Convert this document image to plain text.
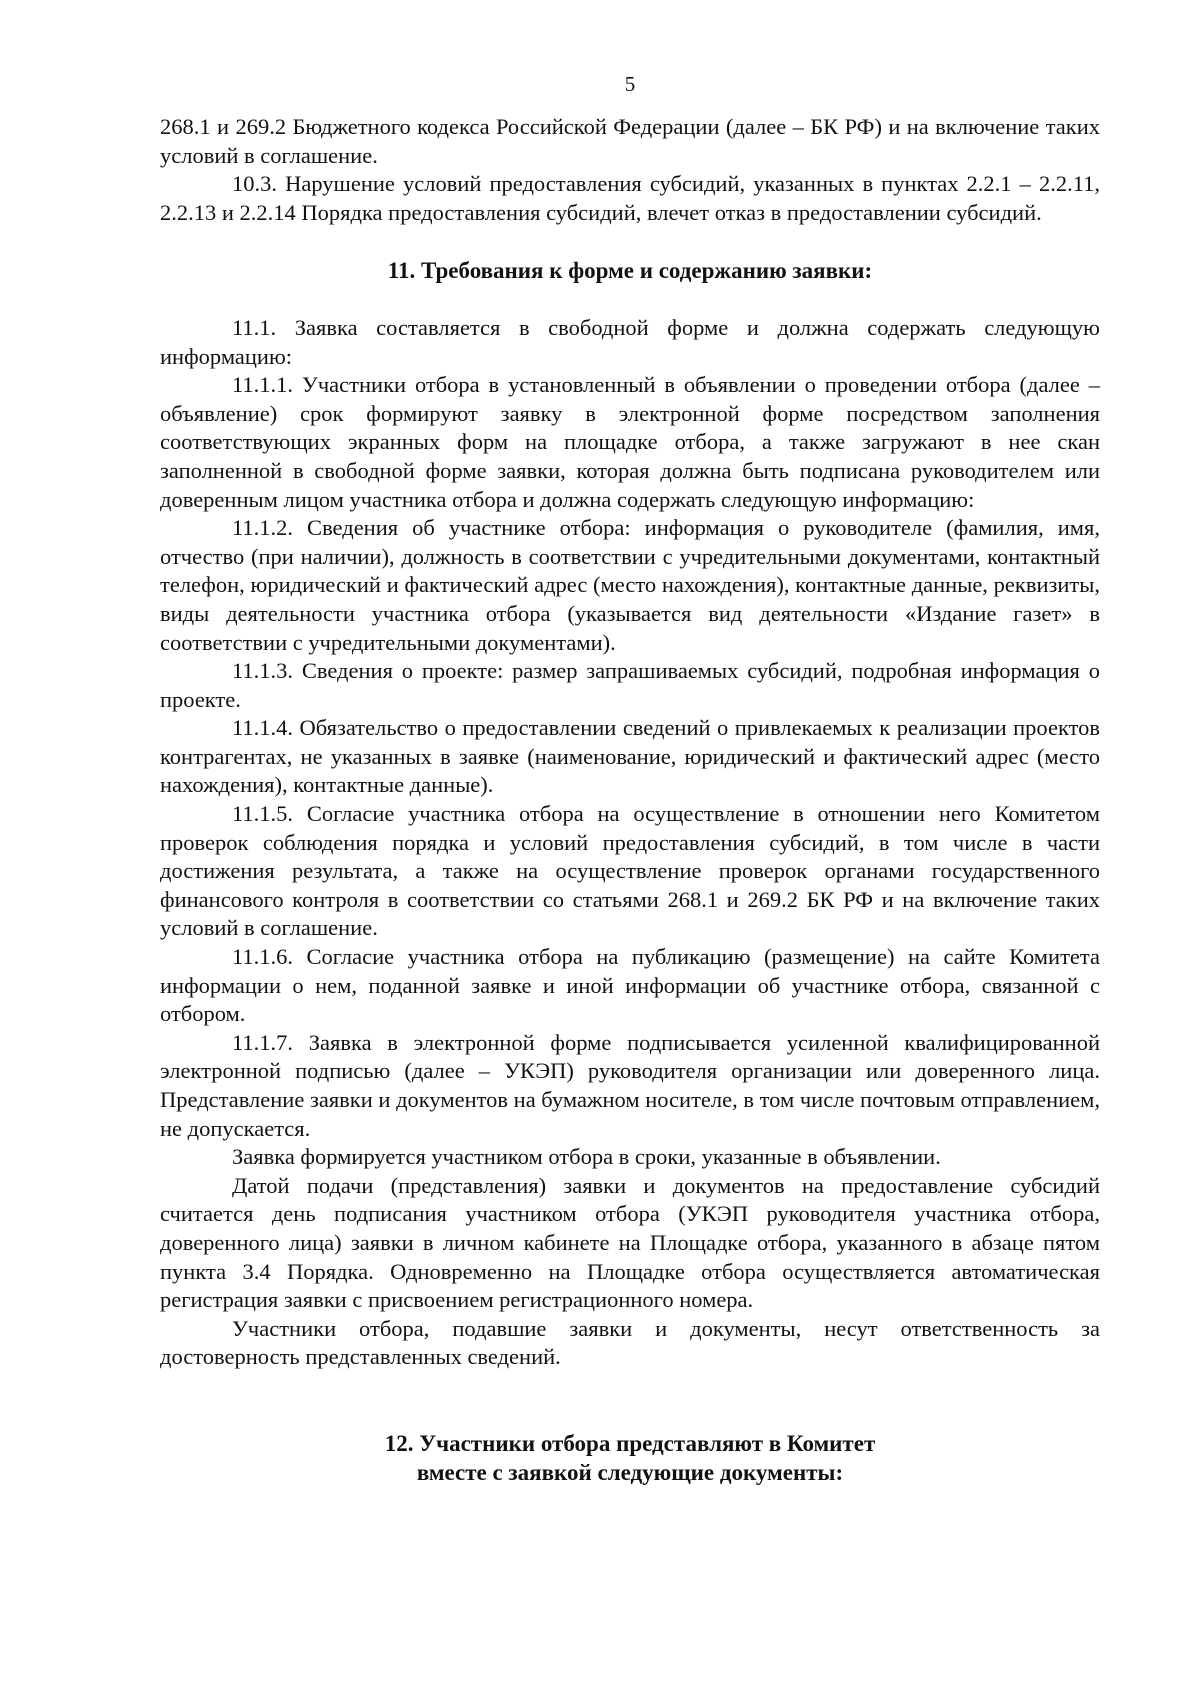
5

268.1 и 269.2 Бюджетного кодекса Российской Федерации (далее – БК РФ) и на включение таких условий в соглашение.

10.3. Нарушение условий предоставления субсидий, указанных в пунктах 2.2.1 – 2.2.11, 2.2.13 и 2.2.14 Порядка предоставления субсидий, влечет отказ в предоставлении субсидий.

11. Требования к форме и содержанию заявки:

11.1. Заявка составляется в свободной форме и должна содержать следующую информацию:

11.1.1. Участники отбора в установленный в объявлении о проведении отбора (далее – объявление) срок формируют заявку в электронной форме посредством заполнения соответствующих экранных форм на площадке отбора, а также загружают в нее скан заполненной в свободной форме заявки, которая должна быть подписана руководителем или доверенным лицом участника отбора и должна содержать следующую информацию:

11.1.2. Сведения об участнике отбора: информация о руководителе (фамилия, имя, отчество (при наличии), должность в соответствии с учредительными документами, контактный телефон, юридический и фактический адрес (место нахождения), контактные данные, реквизиты, виды деятельности участника отбора (указывается вид деятельности «Издание газет» в соответствии с учредительными документами).

11.1.3. Сведения о проекте: размер запрашиваемых субсидий, подробная информация о проекте.

11.1.4. Обязательство о предоставлении сведений о привлекаемых к реализации проектов контрагентах, не указанных в заявке (наименование, юридический и фактический адрес (место нахождения), контактные данные).

11.1.5. Согласие участника отбора на осуществление в отношении него Комитетом проверок соблюдения порядка и условий предоставления субсидий, в том числе в части достижения результата, а также на осуществление проверок органами государственного финансового контроля в соответствии со статьями 268.1 и 269.2 БК РФ и на включение таких условий в соглашение.

11.1.6. Согласие участника отбора на публикацию (размещение) на сайте Комитета информации о нем, поданной заявке и иной информации об участнике отбора, связанной с отбором.

11.1.7. Заявка в электронной форме подписывается усиленной квалифицированной электронной подписью (далее – УКЭП) руководителя организации или доверенного лица. Представление заявки и документов на бумажном носителе, в том числе почтовым отправлением, не допускается.

Заявка формируется участником отбора в сроки, указанные в объявлении.

Датой подачи (представления) заявки и документов на предоставление субсидий считается день подписания участником отбора (УКЭП руководителя участника отбора, доверенного лица) заявки в личном кабинете на Площадке отбора, указанного в абзаце пятом пункта 3.4 Порядка. Одновременно на Площадке отбора осуществляется автоматическая регистрация заявки с присвоением регистрационного номера.

Участники отбора, подавшие заявки и документы, несут ответственность за достоверность представленных сведений.

12. Участники отбора представляют в Комитет
вместе с заявкой следующие документы:
